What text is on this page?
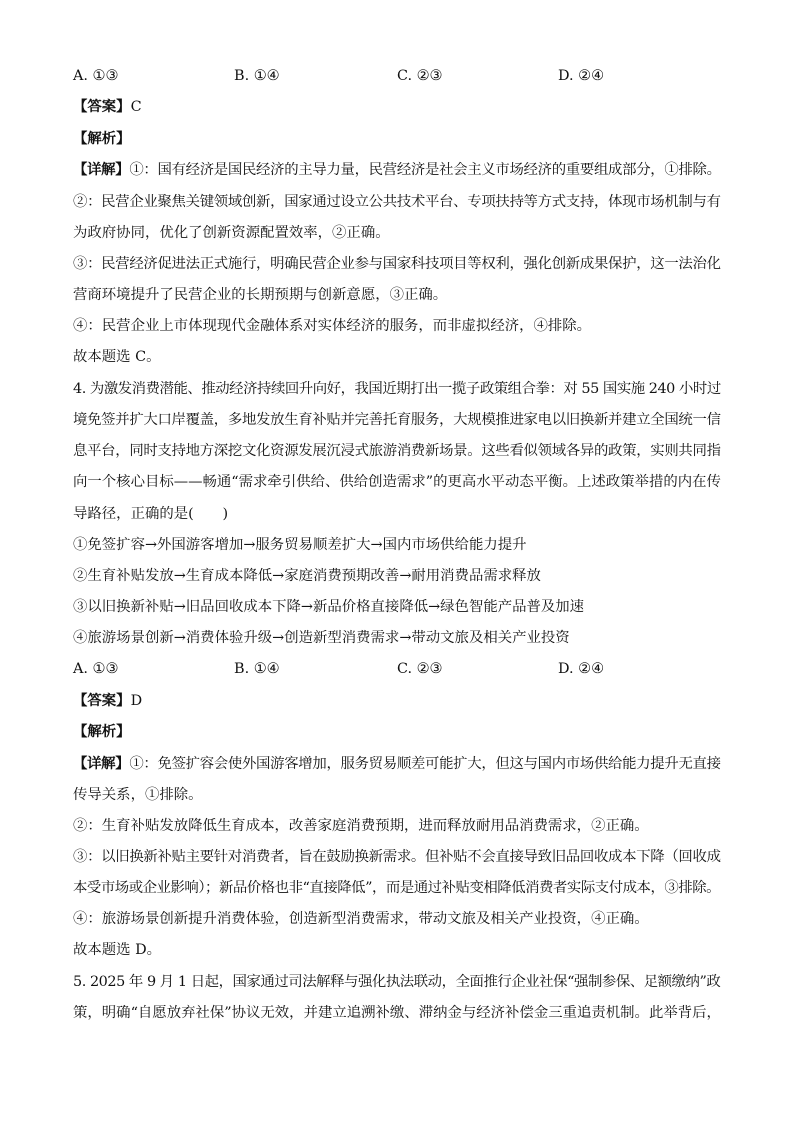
A. ①③	B. ①④	C. ②③	D. ②④
【答案】C
【解析】
【详解】①：国有经济是国民经济的主导力量，民营经济是社会主义市场经济的重要组成部分，①排除。
②：民营企业聚焦关键领域创新，国家通过设立公共技术平台、专项扶持等方式支持，体现市场机制与有
为政府协同，优化了创新资源配置效率，②正确。
③：民营经济促进法正式施行，明确民营企业参与国家科技项目等权利，强化创新成果保护，这一法治化
营商环境提升了民营企业的长期预期与创新意愿，③正确。
④：民营企业上市体现现代金融体系对实体经济的服务，而非虚拟经济，④排除。
故本题选 C。
4. 为激发消费潜能、推动经济持续回升向好，我国近期打出一揽子政策组合拳：对 55 国实施 240 小时过
境免签并扩大口岸覆盖，多地发放生育补贴并完善托育服务，大规模推进家电以旧换新并建立全国统一信
息平台，同时支持地方深挖文化资源发展沉浸式旅游消费新场景。这些看似领域各异的政策，实则共同指
向一个核心目标——畅通“需求牵引供给、供给创造需求”的更高水平动态平衡。上述政策举措的内在传
导路径，正确的是(　　)
①免签扩容→外国游客增加→服务贸易顺差扩大→国内市场供给能力提升
②生育补贴发放→生育成本降低→家庭消费预期改善→耐用消费品需求释放
③以旧换新补贴→旧品回收成本下降→新品价格直接降低→绿色智能产品普及加速
④旅游场景创新→消费体验升级→创造新型消费需求→带动文旅及相关产业投资
A. ①③	B. ①④	C. ②③	D. ②④
【答案】D
【解析】
【详解】①：免签扩容会使外国游客增加，服务贸易顺差可能扩大，但这与国内市场供给能力提升无直接
传导关系，①排除。
②：生育补贴发放降低生育成本，改善家庭消费预期，进而释放耐用品消费需求，②正确。
③：以旧换新补贴主要针对消费者，旨在鼓励换新需求。但补贴不会直接导致旧品回收成本下降（回收成
本受市场或企业影响）；新品价格也非“直接降低”，而是通过补贴变相降低消费者实际支付成本，③排除。
④：旅游场景创新提升消费体验，创造新型消费需求，带动文旅及相关产业投资，④正确。
故本题选 D。
5. 2025 年 9 月 1 日起，国家通过司法解释与强化执法联动，全面推行企业社保“强制参保、足额缴纳”政
策，明确“自愿放弃社保”协议无效，并建立追溯补缴、滞纳金与经济补偿金三重追责机制。此举背后，
